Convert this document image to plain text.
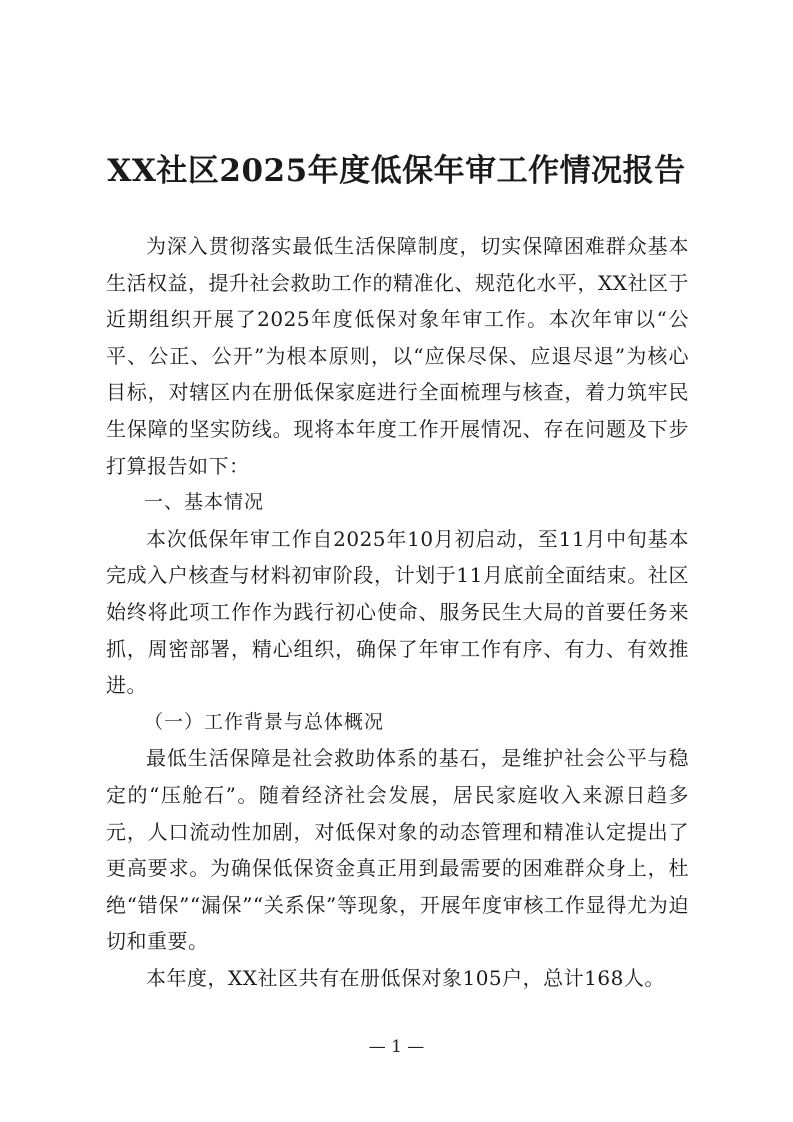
XX社区2025年度低保年审工作情况报告

为深入贯彻落实最低生活保障制度，切实保障困难群众基本生活权益，提升社会救助工作的精准化、规范化水平，XX社区于近期组织开展了2025年度低保对象年审工作。本次年审以“公平、公正、公开”为根本原则，以“应保尽保、应退尽退”为核心目标，对辖区内在册低保家庭进行全面梳理与核查，着力筑牢民生保障的坚实防线。现将本年度工作开展情况、存在问题及下步打算报告如下：

一、基本情况

本次低保年审工作自2025年10月初启动，至11月中旬基本完成入户核查与材料初审阶段，计划于11月底前全面结束。社区始终将此项工作作为践行初心使命、服务民生大局的首要任务来抓，周密部署，精心组织，确保了年审工作有序、有力、有效推进。

（一）工作背景与总体概况

最低生活保障是社会救助体系的基石，是维护社会公平与稳定的“压舱石”。随着经济社会发展，居民家庭收入来源日趋多元，人口流动性加剧，对低保对象的动态管理和精准认定提出了更高要求。为确保低保资金真正用到最需要的困难群众身上，杜绝“错保”“漏保”“关系保”等现象，开展年度审核工作显得尤为迫切和重要。

本年度，XX社区共有在册低保对象105户，总计168人。

— 1 —
